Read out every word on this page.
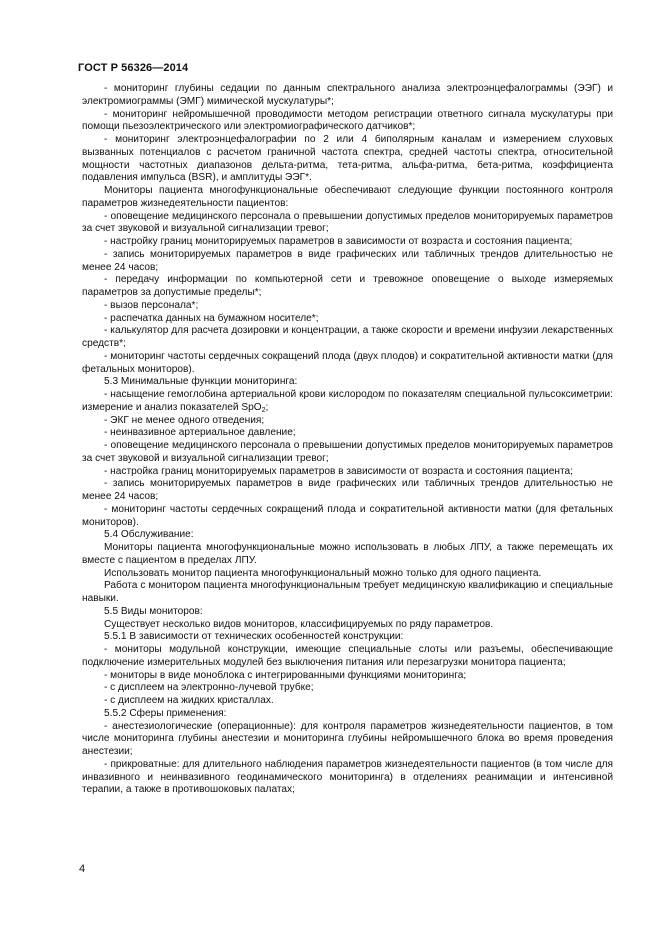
ГОСТ Р 56326—2014

- мониторинг глубины седации по данным спектрального анализа электроэнцефалограммы (ЭЭГ) и электромиограммы (ЭМГ) мимической мускулатуры*;

- мониторинг нейромышечной проводимости методом регистрации ответного сигнала мускулатуры при помощи пьезоэлектрического или электромиографического датчиков*;

- мониторинг электроэнцефалографии по 2 или 4 биполярным каналам и измерением слуховых вызванных потенциалов с расчетом граничной частота спектра, средней частоты спектра, относительной мощности частотных диапазонов дельта-ритма, тета-ритма, альфа-ритма, бета-ритма, коэффициента подавления импульса (BSR), и амплитуды ЭЭГ*.

Мониторы пациента многофункциональные обеспечивают следующие функции постоянного контроля параметров жизнедеятельности пациентов:

- оповещение медицинского персонала о превышении допустимых пределов мониторируемых параметров за счет звуковой и визуальной сигнализации тревог;

- настройку границ мониторируемых параметров в зависимости от возраста и состояния пациента;

- запись мониторируемых параметров в виде графических или табличных трендов длительностью не менее 24 часов;

- передачу информации по компьютерной сети и тревожное оповещение о выходе измеряемых параметров за допустимые пределы*;

- вызов персонала*;

- распечатка данных на бумажном носителе*;

- калькулятор для расчета дозировки и концентрации, а также скорости и времени инфузии лекарственных средств*;

- мониторинг частоты сердечных сокращений плода (двух плодов) и сократительной активности матки (для фетальных мониторов).

5.3 Минимальные функции мониторинга:

- насыщение гемоглобина артериальной крови кислородом по показателям специальной пульсоксиметрии: измерение и анализ показателей SpO$_2$;

- ЭКГ не менее одного отведения;

- неинвазивное артериальное давление;

- оповещение медицинского персонала о превышении допустимых пределов мониторируемых параметров за счет звуковой и визуальной сигнализации тревог;

- настройка границ мониторируемых параметров в зависимости от возраста и состояния пациента;

- запись мониторируемых параметров в виде графических или табличных трендов длительностью не менее 24 часов;

- мониторинг частоты сердечных сокращений плода и сократительной активности матки (для фетальных мониторов).

5.4 Обслуживание:

Мониторы пациента многофункциональные можно использовать в любых ЛПУ, а также перемещать их вместе с пациентом в пределах ЛПУ.

Использовать монитор пациента многофункциональный можно только для одного пациента.

Работа с монитором пациента многофункциональным требует медицинскую квалификацию и специальные навыки.

5.5 Виды мониторов:

Существует несколько видов мониторов, классифицируемых по ряду параметров.

5.5.1 В зависимости от технических особенностей конструкции:

- мониторы модульной конструкции, имеющие специальные слоты или разъемы, обеспечивающие подключение измерительных модулей без выключения питания или перезагрузки монитора пациента;

- мониторы в виде моноблока с интегрированными функциями мониторинга;

- с дисплеем на электронно-лучевой трубке;

- с дисплеем на жидких кристаллах.

5.5.2 Сферы применения:

- анестезиологические (операционные): для контроля параметров жизнедеятельности пациентов, в том числе мониторинга глубины анестезии и мониторинга глубины нейромышечного блока во время проведения анестезии;

- прикроватные: для длительного наблюдения параметров жизнедеятельности пациентов (в том числе для инвазивного и неинвазивного геодинамического мониторинга) в отделениях реанимации и интенсивной терапии, а также в противошоковых палатах;

4
